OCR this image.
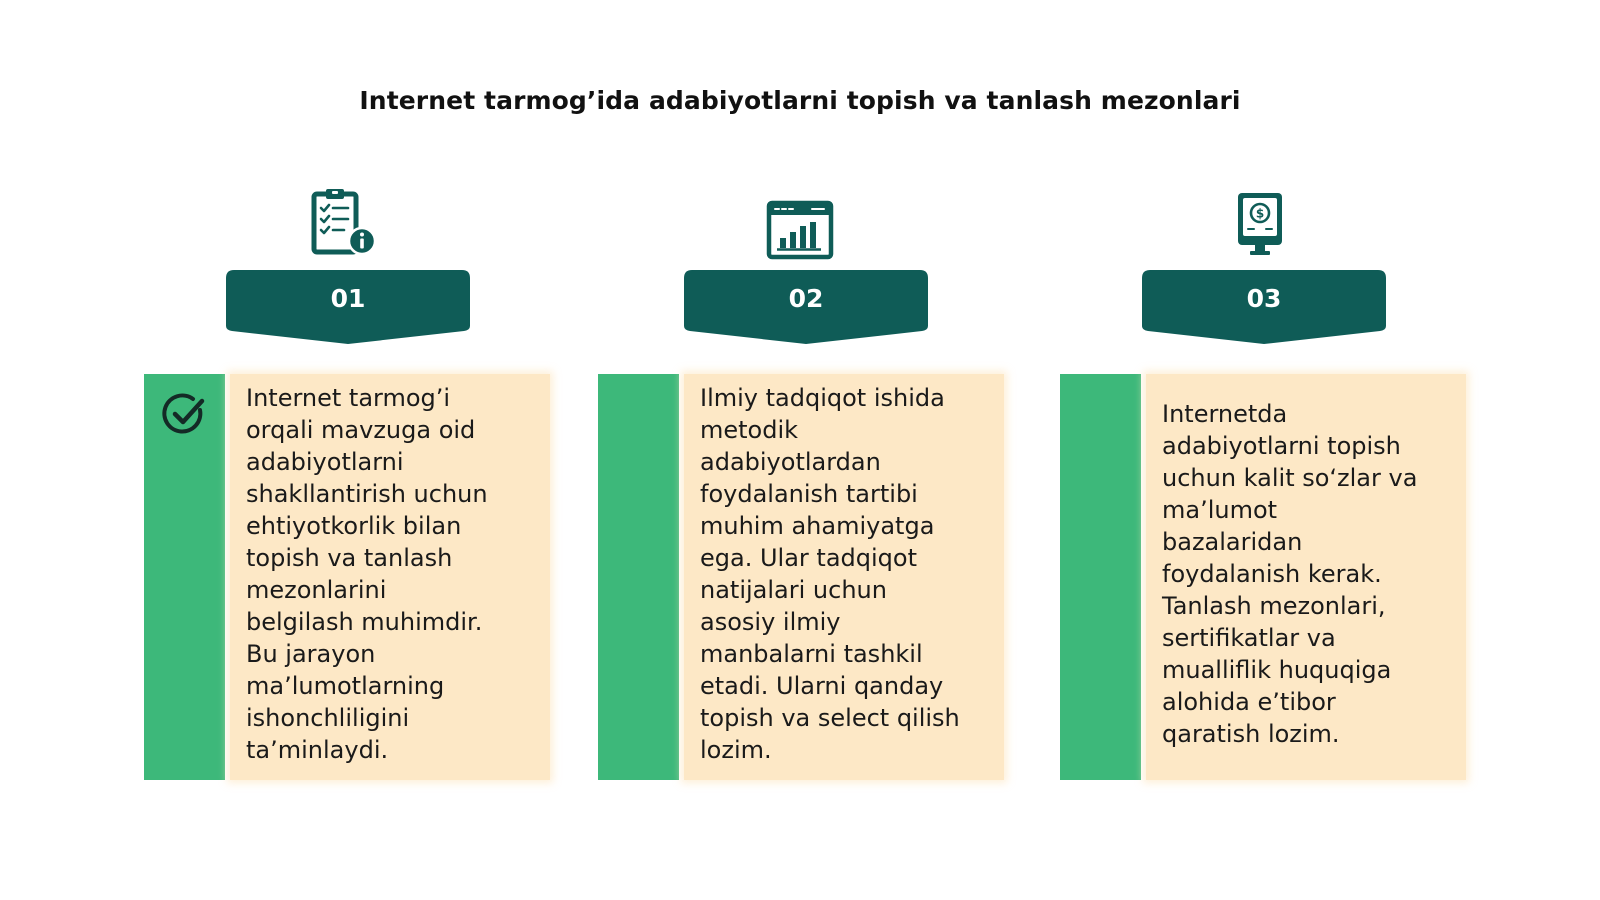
Internet tarmog’ida adabiyotlarni topish va tanlash mezonlari
$
01	02	03
Internet tarmog’i
orqali mavzuga oid
adabiyotlarni
shakllantirish uchun
ehtiyotkorlik bilan
topish va tanlash
mezonlarini
belgilash muhimdir.
Bu jarayon
ma’lumotlarning
ishonchliligini
ta’minlaydi.
Ilmiy tadqiqot ishida
metodik
adabiyotlardan
foydalanish tartibi
muhim ahamiyatga
ega. Ular tadqiqot
natijalari uchun
asosiy ilmiy
manbalarni tashkil
etadi. Ularni qanday
topish va select qilish
lozim.
Internetda
adabiyotlarni topish
uchun kalit so‘zlar va
ma’lumot
bazalaridan
foydalanish kerak.
Tanlash mezonlari,
sertifikatlar va
mualliflik huquqiga
alohida e’tibor
qaratish lozim.
